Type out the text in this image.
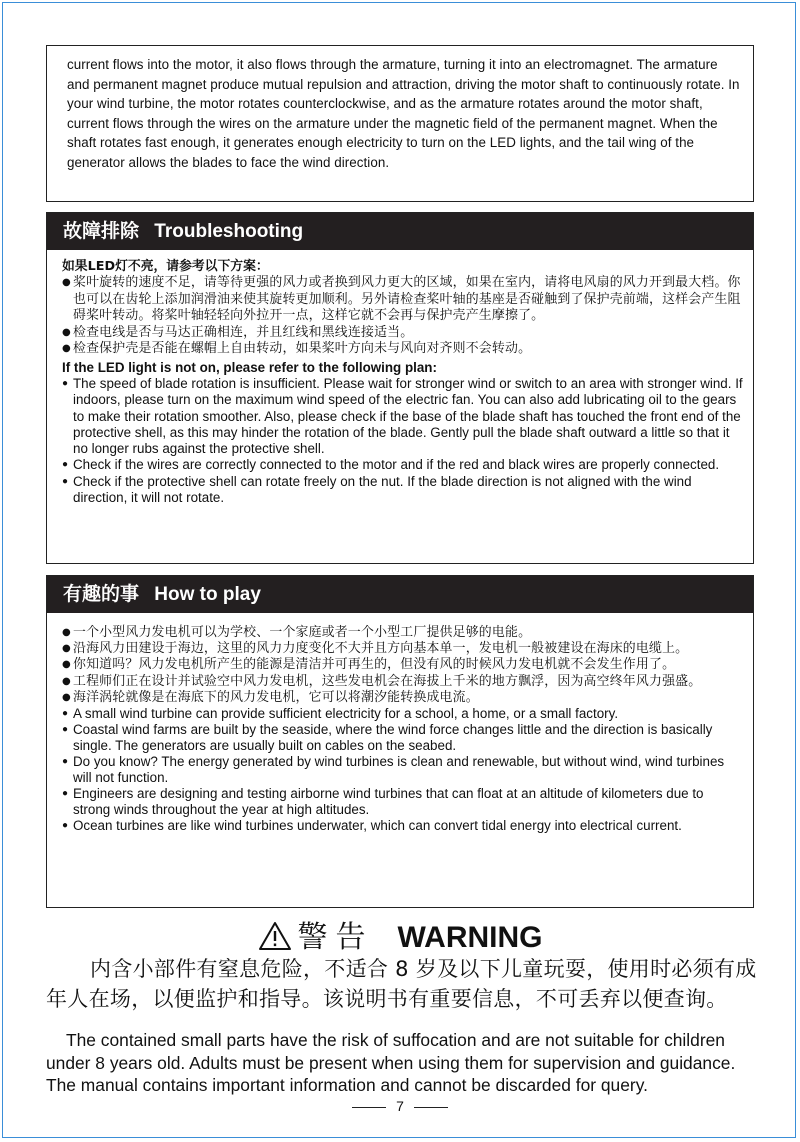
current flows into the motor, it also flows through the armature, turning it into an electromagnet. The armature and permanent magnet produce mutual repulsion and attraction, driving the motor shaft to continuously rotate. In your wind turbine, the motor rotates counterclockwise, and as the armature rotates around the motor shaft, current flows through the wires on the armature under the magnetic field of the permanent magnet. When the shaft rotates fast enough, it generates enough electricity to turn on the LED lights, and the tail wing of the generator allows the blades to face the wind direction.

故障排除 Troubleshooting

如果LED灯不亮，请参考以下方案：

● 桨叶旋转的速度不足，请等待更强的风力或者换到风力更大的区域，如果在室内，请将电风扇的风力开到最大档。你也可以在齿轮上添加润滑油来使其旋转更加顺利。另外请检查桨叶轴的基座是否碰触到了保护壳前端，这样会产生阻碍桨叶转动。将桨叶轴轻轻向外拉开一点，这样它就不会再与保护壳产生摩擦了。
● 检查电线是否与马达正确相连，并且红线和黑线连接适当。
● 检查保护壳是否能在螺帽上自由转动，如果桨叶方向未与风向对齐则不会转动。

If the LED light is not on, please refer to the following plan:

● The speed of blade rotation is insufficient. Please wait for stronger wind or switch to an area with stronger wind. If indoors, please turn on the maximum wind speed of the electric fan. You can also add lubricating oil to the gears to make their rotation smoother. Also, please check if the base of the blade shaft has touched the front end of the protective shell, as this may hinder the rotation of the blade. Gently pull the blade shaft outward a little so that it no longer rubs against the protective shell.
● Check if the wires are correctly connected to the motor and if the red and black wires are properly connected.
● Check if the protective shell can rotate freely on the nut. If the blade direction is not aligned with the wind direction, it will not rotate.
有趣的事 How to play
● 一个小型风力发电机可以为学校、一个家庭或者一个小型工厂提供足够的电能。
● 沿海风力田建设于海边，这里的风力力度变化不大并且方向基本单一，发电机一般被建设在海床的电缆上。
● 你知道吗？风力发电机所产生的能源是清洁并可再生的，但没有风的时候风力发电机就不会发生作用了。
● 工程师们正在设计并试验空中风力发电机，这些发电机会在海拔上千米的地方飘浮，因为高空终年风力强盛。
● 海洋涡轮就像是在海底下的风力发电机，它可以将潮汐能转换成电流。
● A small wind turbine can provide sufficient electricity for a school, a home, or a small factory.
● Coastal wind farms are built by the seaside, where the wind force changes little and the direction is basically single. The generators are usually built on cables on the seabed.
● Do you know? The energy generated by wind turbines is clean and renewable, but without wind, wind turbines will not function.
● Engineers are designing and testing airborne wind turbines that can float at an altitude of kilometers due to strong winds throughout the year at high altitudes.
● Ocean turbines are like wind turbines underwater, which can convert tidal energy into electrical current.
警告 WARNING

内含小部件有窒息危险，不适合 8 岁及以下儿童玩耍，使用时必须有成年人在场，以便监护和指导。该说明书有重要信息，不可丢弃以便查询。

The contained small parts have the risk of suffocation and are not suitable for children under 8 years old. Adults must be present when using them for supervision and guidance. The manual contains important information and cannot be discarded for query.

7
